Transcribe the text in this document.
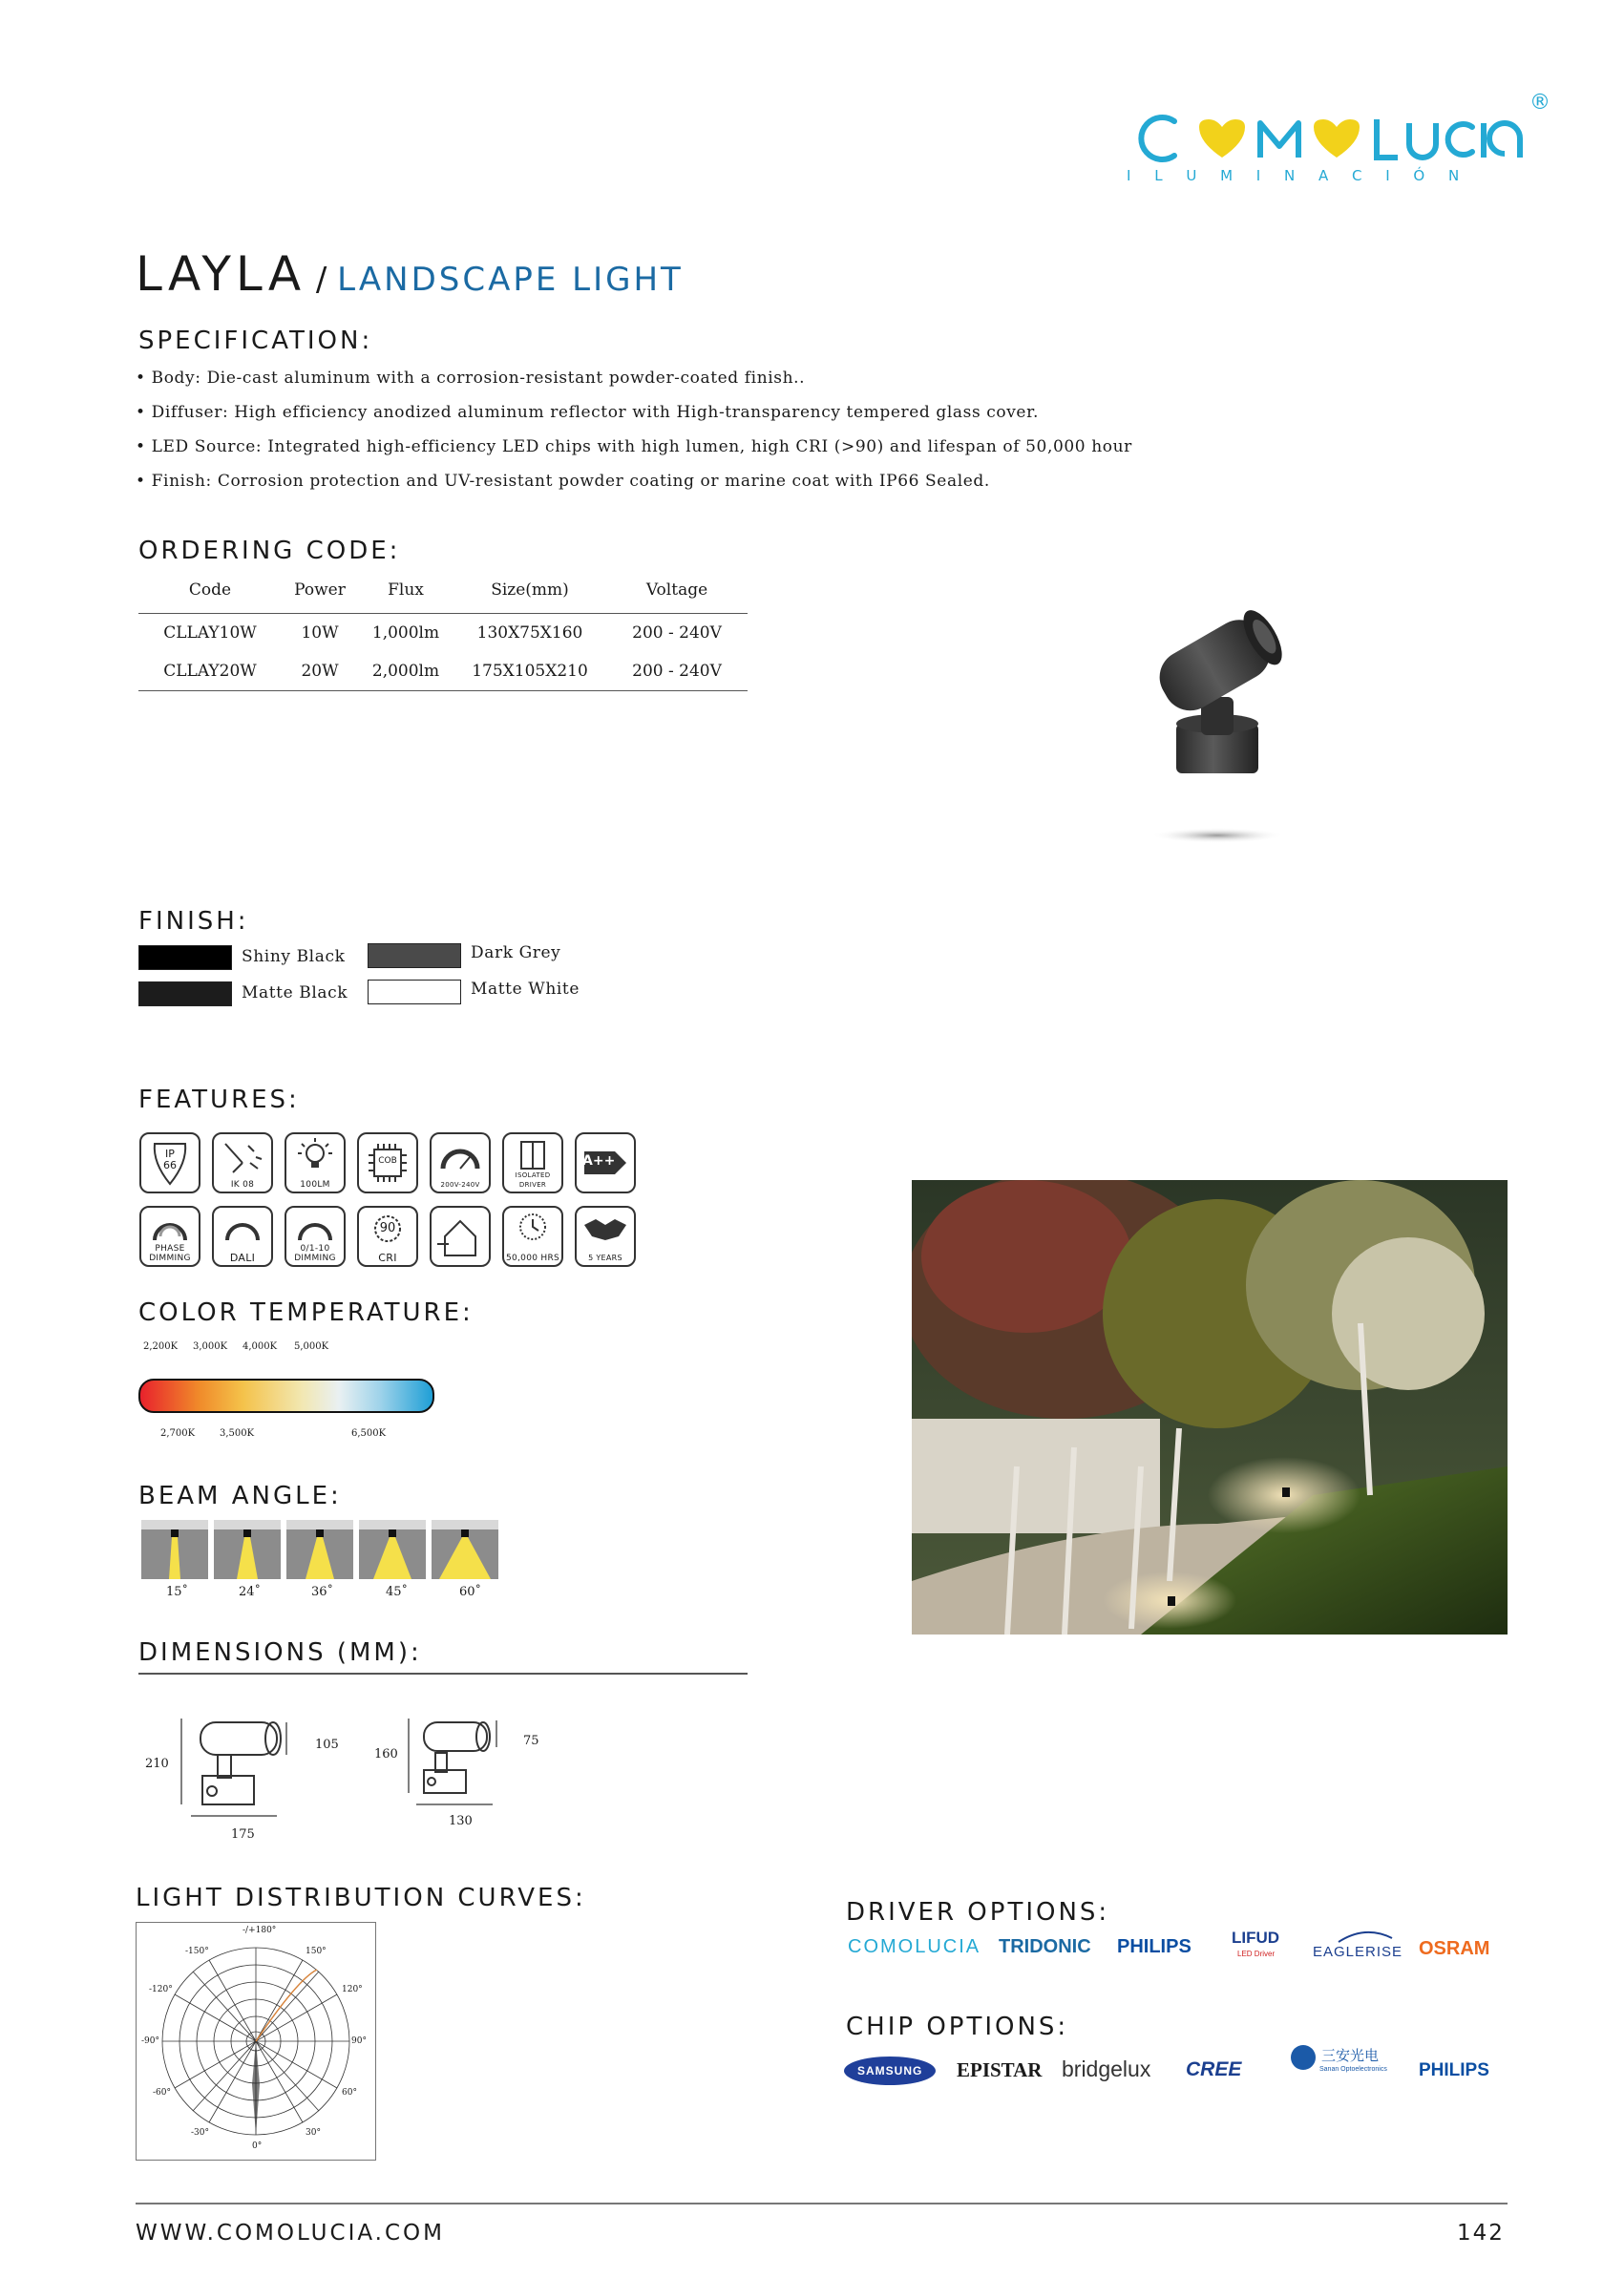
®
I L U M I N A C I Ó N
LAYLA / LANDSCAPE LIGHT
SPECIFICATION:
• Body: Die-cast aluminum with a corrosion-resistant powder-coated finish..
• Diffuser: High efficiency anodized aluminum reflector with High-transparency tempered glass cover.
• LED Source: Integrated high-efficiency LED chips with high lumen, high CRI (>90) and lifespan of 50,000 hour
• Finish: Corrosion protection and UV-resistant powder coating or marine coat with IP66 Sealed.
ORDERING CODE:
Code	Power	Flux	Size(mm)	Voltage
CLLAY10W	10W	1,000lm	130X75X160	200 - 240V
CLLAY20W	20W	2,000lm	175X105X210	200 - 240V
FINISH:
Shiny Black
Matte Black
Dark Grey
Matte White
FEATURES:
IP
66
IK 08	100LM
COB
200V-240V
ISOLATED DRIVER
A++
PHASE DIMMING	DALI
0/1-10 DIMMING
90
CRI	50,000 HRS	5 YEARS
COLOR TEMPERATURE:
2,200K 3,000K 4,000K 5,000K
2,700K	3,500K	6,500K
BEAM ANGLE:
15˚	24˚	36˚	45˚	60˚
DIMENSIONS (MM):
210
105
175
160
75
130
LIGHT DISTRIBUTION CURVES:
-/+180°
-150°	150°
-120°	120°
-90°	90°
-60°	60°
-30°	30°
0°
DRIVER OPTIONS:
COMOLUCIA TRIDONIC PHILIPS LIFUD
LED Driver	EAGLERISE OSRAM
CHIP OPTIONS:
SAMSUNG EPISTAR bridgelux CREE
三安光电
Sanan Optoelectronics PHILIPS
WWW.COMOLUCIA.COM	142
